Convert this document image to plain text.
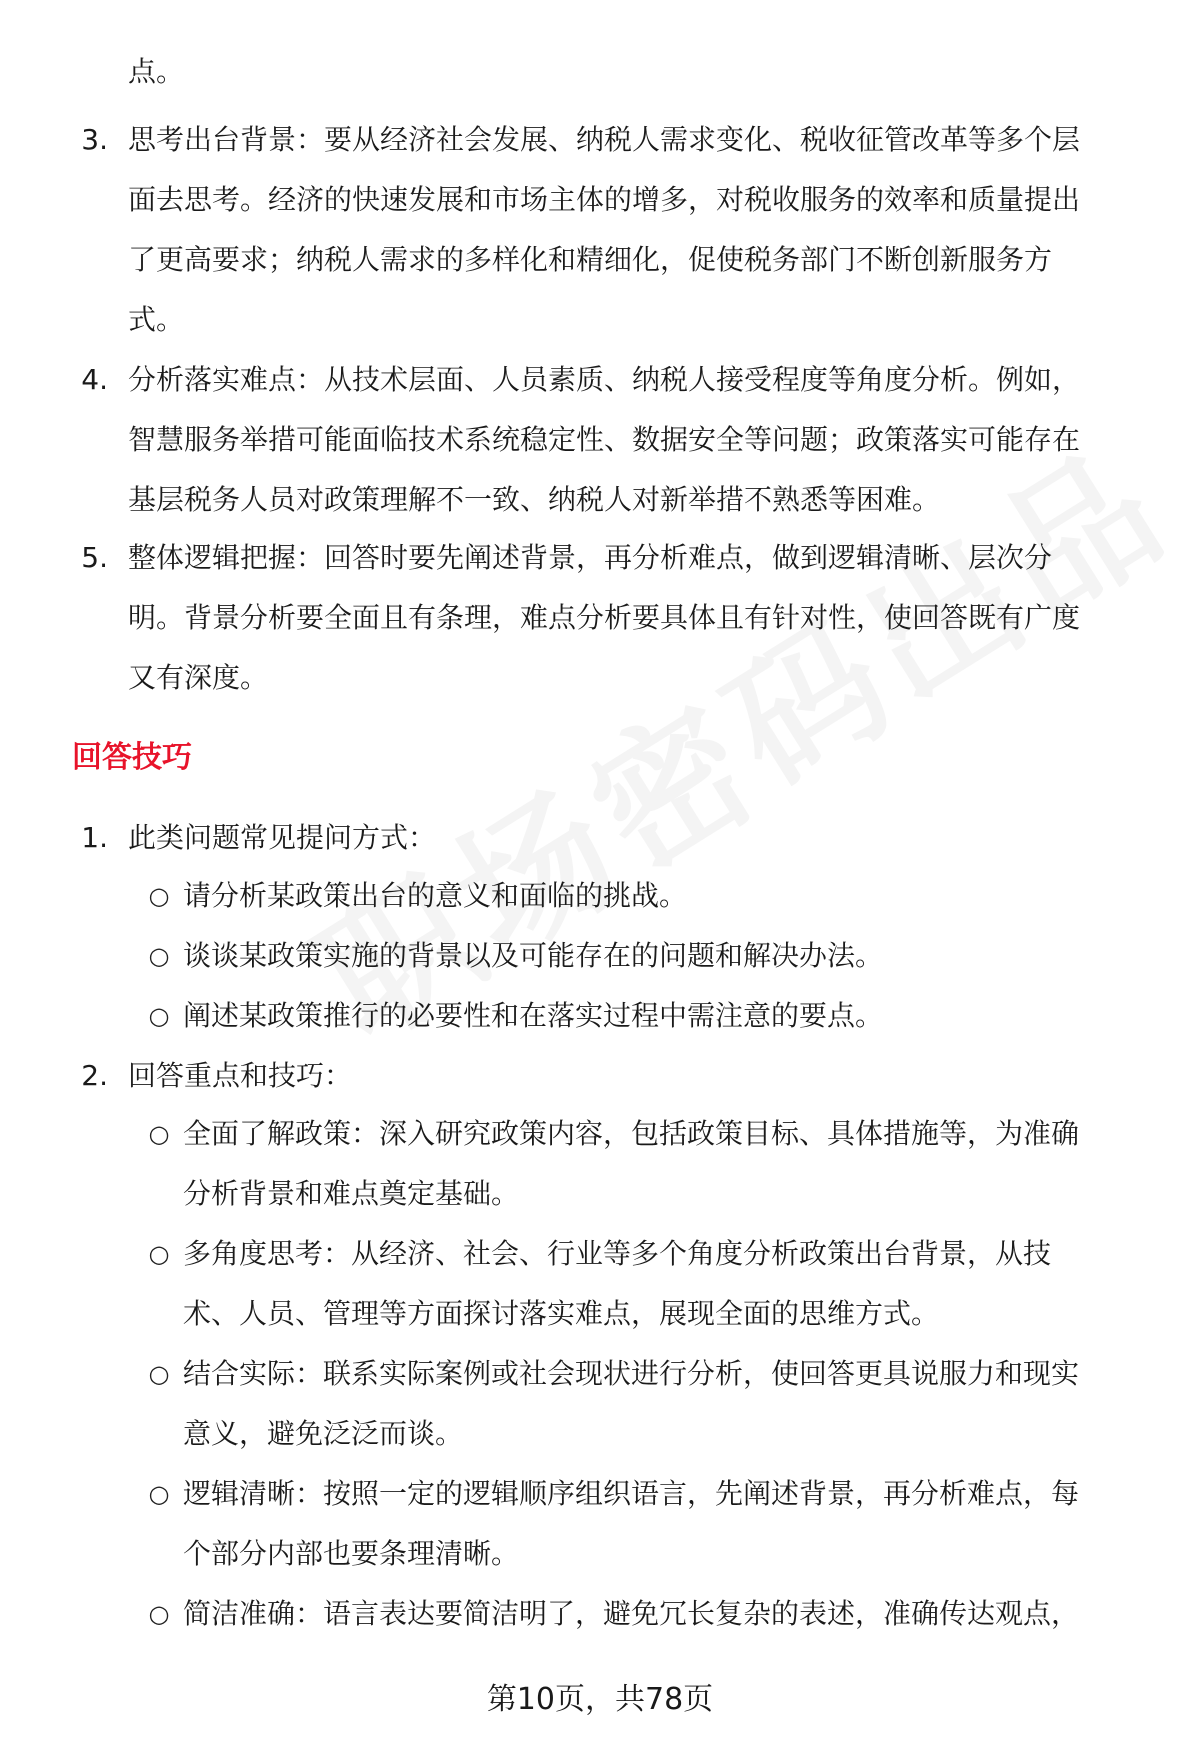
点。
3. 思考出台背景：要从经济社会发展、纳税人需求变化、税收征管改革等多个层
面去思考。经济的快速发展和市场主体的增多，对税收服务的效率和质量提出
了更高要求；纳税人需求的多样化和精细化，促使税务部门不断创新服务方
式。
4. 分析落实难点：从技术层面、人员素质、纳税人接受程度等角度分析。例如，
智慧服务举措可能面临技术系统稳定性、数据安全等问题；政策落实可能存在
基层税务人员对政策理解不一致、纳税人对新举措不熟悉等困难。
5. 整体逻辑把握：回答时要先阐述背景，再分析难点，做到逻辑清晰、层次分
明。背景分析要全面且有条理，难点分析要具体且有针对性，使回答既有广度
又有深度。
回答技巧
1. 此类问题常见提问方式：
○ 请分析某政策出台的意义和面临的挑战。
○ 谈谈某政策实施的背景以及可能存在的问题和解决办法。
○ 阐述某政策推行的必要性和在落实过程中需注意的要点。
2. 回答重点和技巧：
○ 全面了解政策：深入研究政策内容，包括政策目标、具体措施等，为准确
分析背景和难点奠定基础。
○ 多角度思考：从经济、社会、行业等多个角度分析政策出台背景，从技
术、人员、管理等方面探讨落实难点，展现全面的思维方式。
○ 结合实际：联系实际案例或社会现状进行分析，使回答更具说服力和现实
意义，避免泛泛而谈。
○ 逻辑清晰：按照一定的逻辑顺序组织语言，先阐述背景，再分析难点，每
个部分内部也要条理清晰。
○ 简洁准确：语言表达要简洁明了，避免冗长复杂的表述，准确传达观点，
第10页，共78页
